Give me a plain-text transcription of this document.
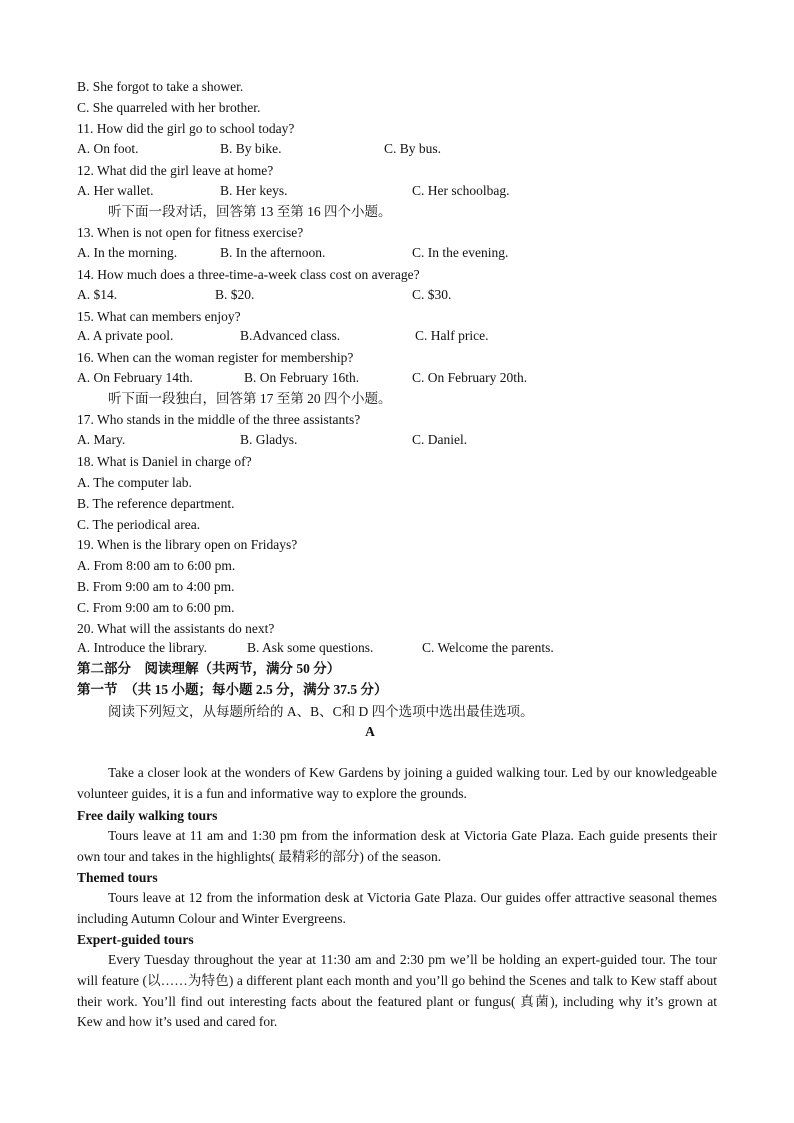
B. She forgot to take a shower.
C. She quarreled with her brother.
11. How did the girl go to school today?
A. On foot.	B. By bike.	C. By bus.
12. What did the girl leave at home?
A. Her wallet.	B. Her keys.	C. Her schoolbag.
听下面一段对话，回答第 13 至第 16 四个小题。
13. When is not open for fitness exercise?
A. In the morning.	B. In the afternoon.	C. In the evening.
14. How much does a three-time-a-week class cost on average?
A. $14.	B. $20.	C. $30.
15. What can members enjoy?
A. A private pool.	B.Advanced class.	C. Half price.
16. When can the woman register for membership?
A. On February 14th.	B. On February 16th.	C. On February 20th.
听下面一段独白，回答第 17 至第 20 四个小题。
17. Who stands in the middle of the three assistants?
A. Mary.	B. Gladys.	C. Daniel.
18. What is Daniel in charge of?
A. The computer lab.
B. The reference department.
C. The periodical area.
19. When is the library open on Fridays?
A. From 8:00 am to 6:00 pm.
B. From 9:00 am to 4:00 pm.
C. From 9:00 am to 6:00 pm.
20. What will the assistants do next?
A. Introduce the library.	B. Ask some questions.	C. Welcome the parents.
第二部分　阅读理解（共两节，满分 50 分）
第一节　（共 15 小题；每小题 2.5 分，满分 37.5 分）
阅读下列短文，从每题所给的 A、B、C和 D 四个选项中选出最佳选项。
A
Take a closer look at the wonders of Kew Gardens by joining a guided walking tour. Led by our knowledgeable volunteer guides, it is a fun and informative way to explore the grounds.
Free daily walking tours
Tours leave at 11 am and 1:30 pm from the information desk at Victoria Gate Plaza. Each guide presents their own tour and takes in the highlights( 最精彩的部分) of the season.
Themed tours
Tours leave at 12 from the information desk at Victoria Gate Plaza. Our guides offer attractive seasonal themes including Autumn Colour and Winter Evergreens.
Expert-guided tours
Every Tuesday throughout the year at 11:30 am and 2:30 pm we’ll be holding an expert-guided tour. The tour will feature (以……为特色) a different plant each month and you’ll go behind the Scenes and talk to Kew staff about their work. You’ll find out interesting facts about the featured plant or fungus( 真菌), including why it’s grown at Kew and how it’s used and cared for.
